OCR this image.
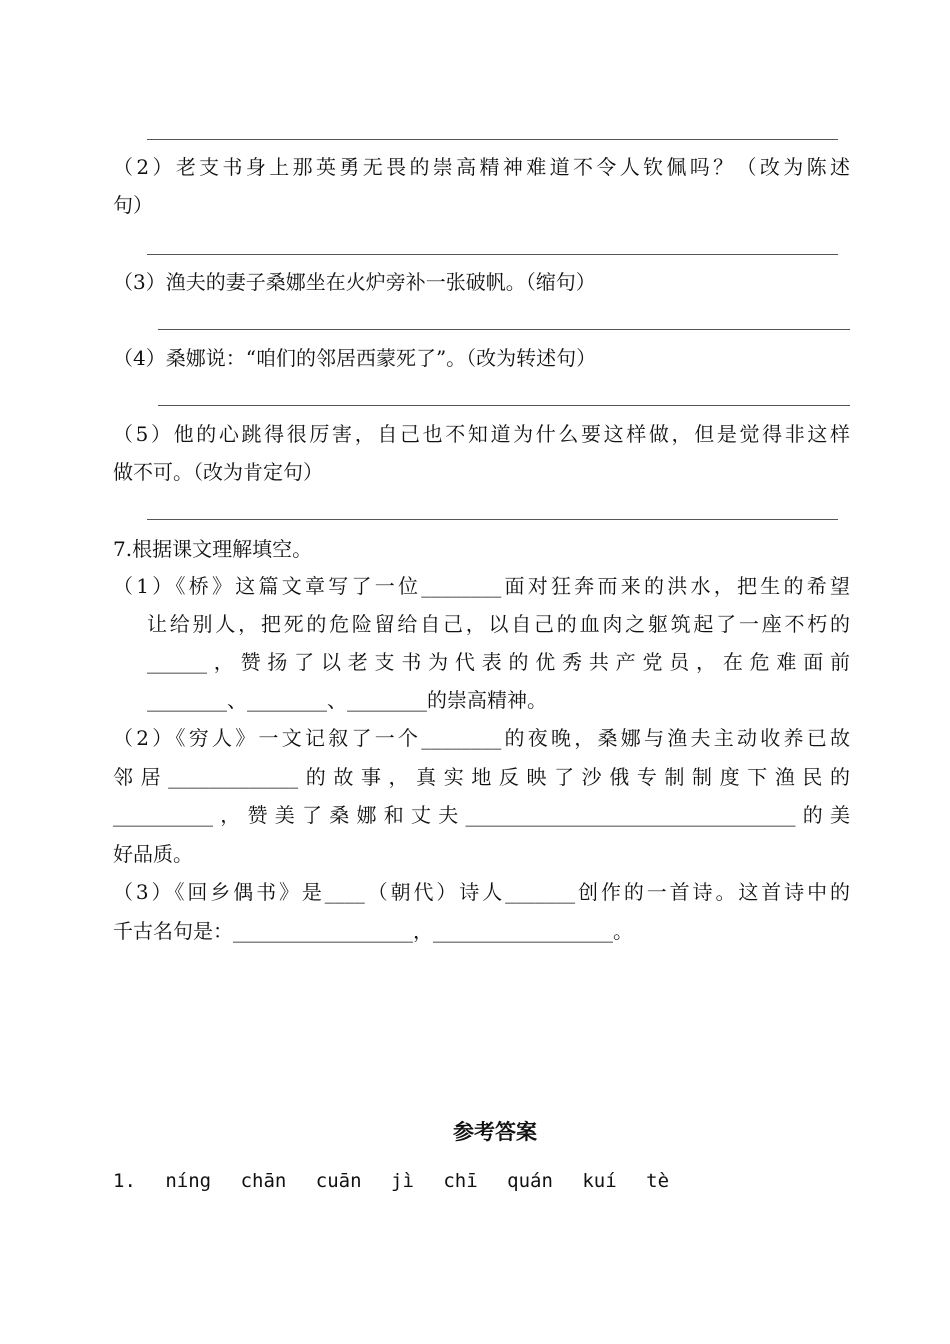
（2）老支书身上那英勇无畏的崇高精神难道不令人钦佩吗？（改为陈述
句）
（3）渔夫的妻子桑娜坐在火炉旁补一张破帆。（缩句）
（4）桑娜说：“咱们的邻居西蒙死了”。（改为转述句）
（5）他的心跳得很厉害，自己也不知道为什么要这样做，但是觉得非这样
做不可。（改为肯定句）
7.根据课文理解填空。
（1）《桥》这篇文章写了一位________面对狂奔而来的洪水，把生的希望
让给别人，把死的危险留给自己，以自己的血肉之躯筑起了一座不朽的
______，赞扬了以老支书为代表的优秀共产党员，在危难面前
________、________、________的崇高精神。
（2）《穷人》一文记叙了一个________的夜晚，桑娜与渔夫主动收养已故
邻居_____________的故事，真实地反映了沙俄专制制度下渔民的
__________，赞美了桑娜和丈夫_________________________________的美
好品质。
（3）《回乡偶书》是____（朝代）诗人_______创作的一首诗。这首诗中的
千古名句是：__________________，__________________。
参考答案
1. níng chān cuān jì chī quán kuí tè
